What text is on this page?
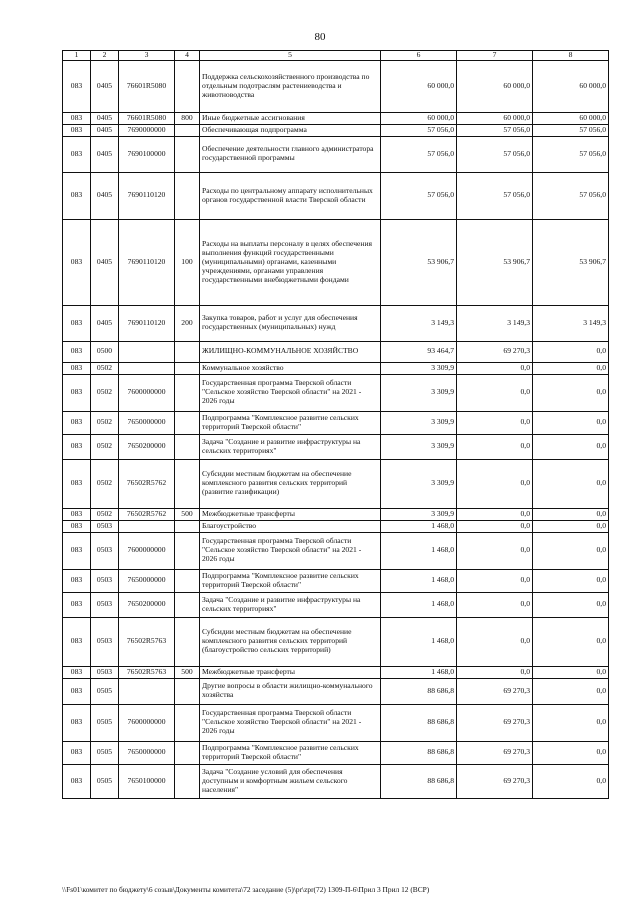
80
1	2	3	4	5	6	7	8
083	0405	76601R5080		Поддержка сельскохозяйственного производства по отдельным подотраслям растениеводства и животноводства	60 000,0	60 000,0	60 000,0
083	0405	76601R5080	800	Иные бюджетные ассигнования	60 000,0	60 000,0	60 000,0
083	0405	7690000000		Обеспечивающая подпрограмма	57 056,0	57 056,0	57 056,0
083	0405	7690100000		Обеспечение деятельности главного администратора государственной программы	57 056,0	57 056,0	57 056,0
083	0405	7690110120		Расходы по центральному аппарату исполнительных органов государственной власти Тверской области	57 056,0	57 056,0	57 056,0
083	0405	7690110120	100	Расходы на выплаты персоналу в целях обеспечения выполнения функций государственными (муниципальными) органами, казенными учреждениями, органами управления государственными внебюджетными фондами	53 906,7	53 906,7	53 906,7
083	0405	7690110120	200	Закупка товаров, работ и услуг для обеспечения государственных (муниципальных) нужд	3 149,3	3 149,3	3 149,3
083	0500			ЖИЛИЩНО-КОММУНАЛЬНОЕ ХОЗЯЙСТВО	93 464,7	69 270,3	0,0
083	0502			Коммунальное хозяйство	3 309,9	0,0	0,0
083	0502	7600000000		Государственная программа Тверской области "Сельское хозяйство Тверской области" на 2021 - 2026 годы	3 309,9	0,0	0,0
083	0502	7650000000		Подпрограмма "Комплексное развитие сельских территорий Тверской области"	3 309,9	0,0	0,0
083	0502	7650200000		Задача "Создание и развитие инфраструктуры на сельских территориях"	3 309,9	0,0	0,0
083	0502	76502R5762		Субсидии местным бюджетам на обеспечение комплексного развития сельских территорий (развитие газификации)	3 309,9	0,0	0,0
083	0502	76502R5762	500	Межбюджетные трансферты	3 309,9	0,0	0,0
083	0503			Благоустройство	1 468,0	0,0	0,0
083	0503	7600000000		Государственная программа Тверской области "Сельское хозяйство Тверской области" на 2021 - 2026 годы	1 468,0	0,0	0,0
083	0503	7650000000		Подпрограмма "Комплексное развитие сельских территорий Тверской области"	1 468,0	0,0	0,0
083	0503	7650200000		Задача "Создание и развитие инфраструктуры на сельских территориях"	1 468,0	0,0	0,0
083	0503	76502R5763		Субсидии местным бюджетам на обеспечение комплексного развития сельских территорий (благоустройство сельских территорий)	1 468,0	0,0	0,0
083	0503	76502R5763	500	Межбюджетные трансферты	1 468,0	0,0	0,0
083	0505			Другие вопросы в области жилищно-коммунального хозяйства	88 686,8	69 270,3	0,0
083	0505	7600000000		Государственная программа Тверской области "Сельское хозяйство Тверской области" на 2021 - 2026 годы	88 686,8	69 270,3	0,0
083	0505	7650000000		Подпрограмма "Комплексное развитие сельских территорий Тверской области"	88 686,8	69 270,3	0,0
083	0505	7650100000		Задача "Создание условий для обеспечения доступным и комфортным жильем сельского населения"	88 686,8	69 270,3	0,0
\\Fs01\комитет по бюджету\6 созыв\Документы комитета\72 заседание (5)\pr\zpr(72) 1309-П-6\Прил 3 Прил 12 (ВСР)
